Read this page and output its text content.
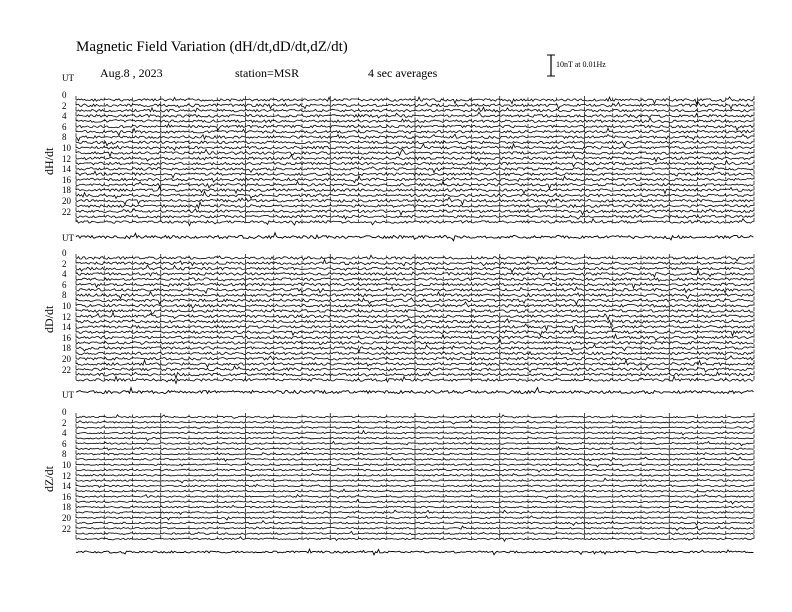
Magnetic Field Variation (dH/dt,dD/dt,dZ/dt)
Aug.8 , 2023	station=MSR	4 sec averages
10nT at 0.01Hz
0
2
4
6
8
10
12
14
16
18
20
22
dH/dt
0
2
4
6
8
10
12
14
16
18
20
22
dD/dt
0
2
4
6
8
10
12
14
16
18
20
22
dZ/dt
UT
UT
UT
